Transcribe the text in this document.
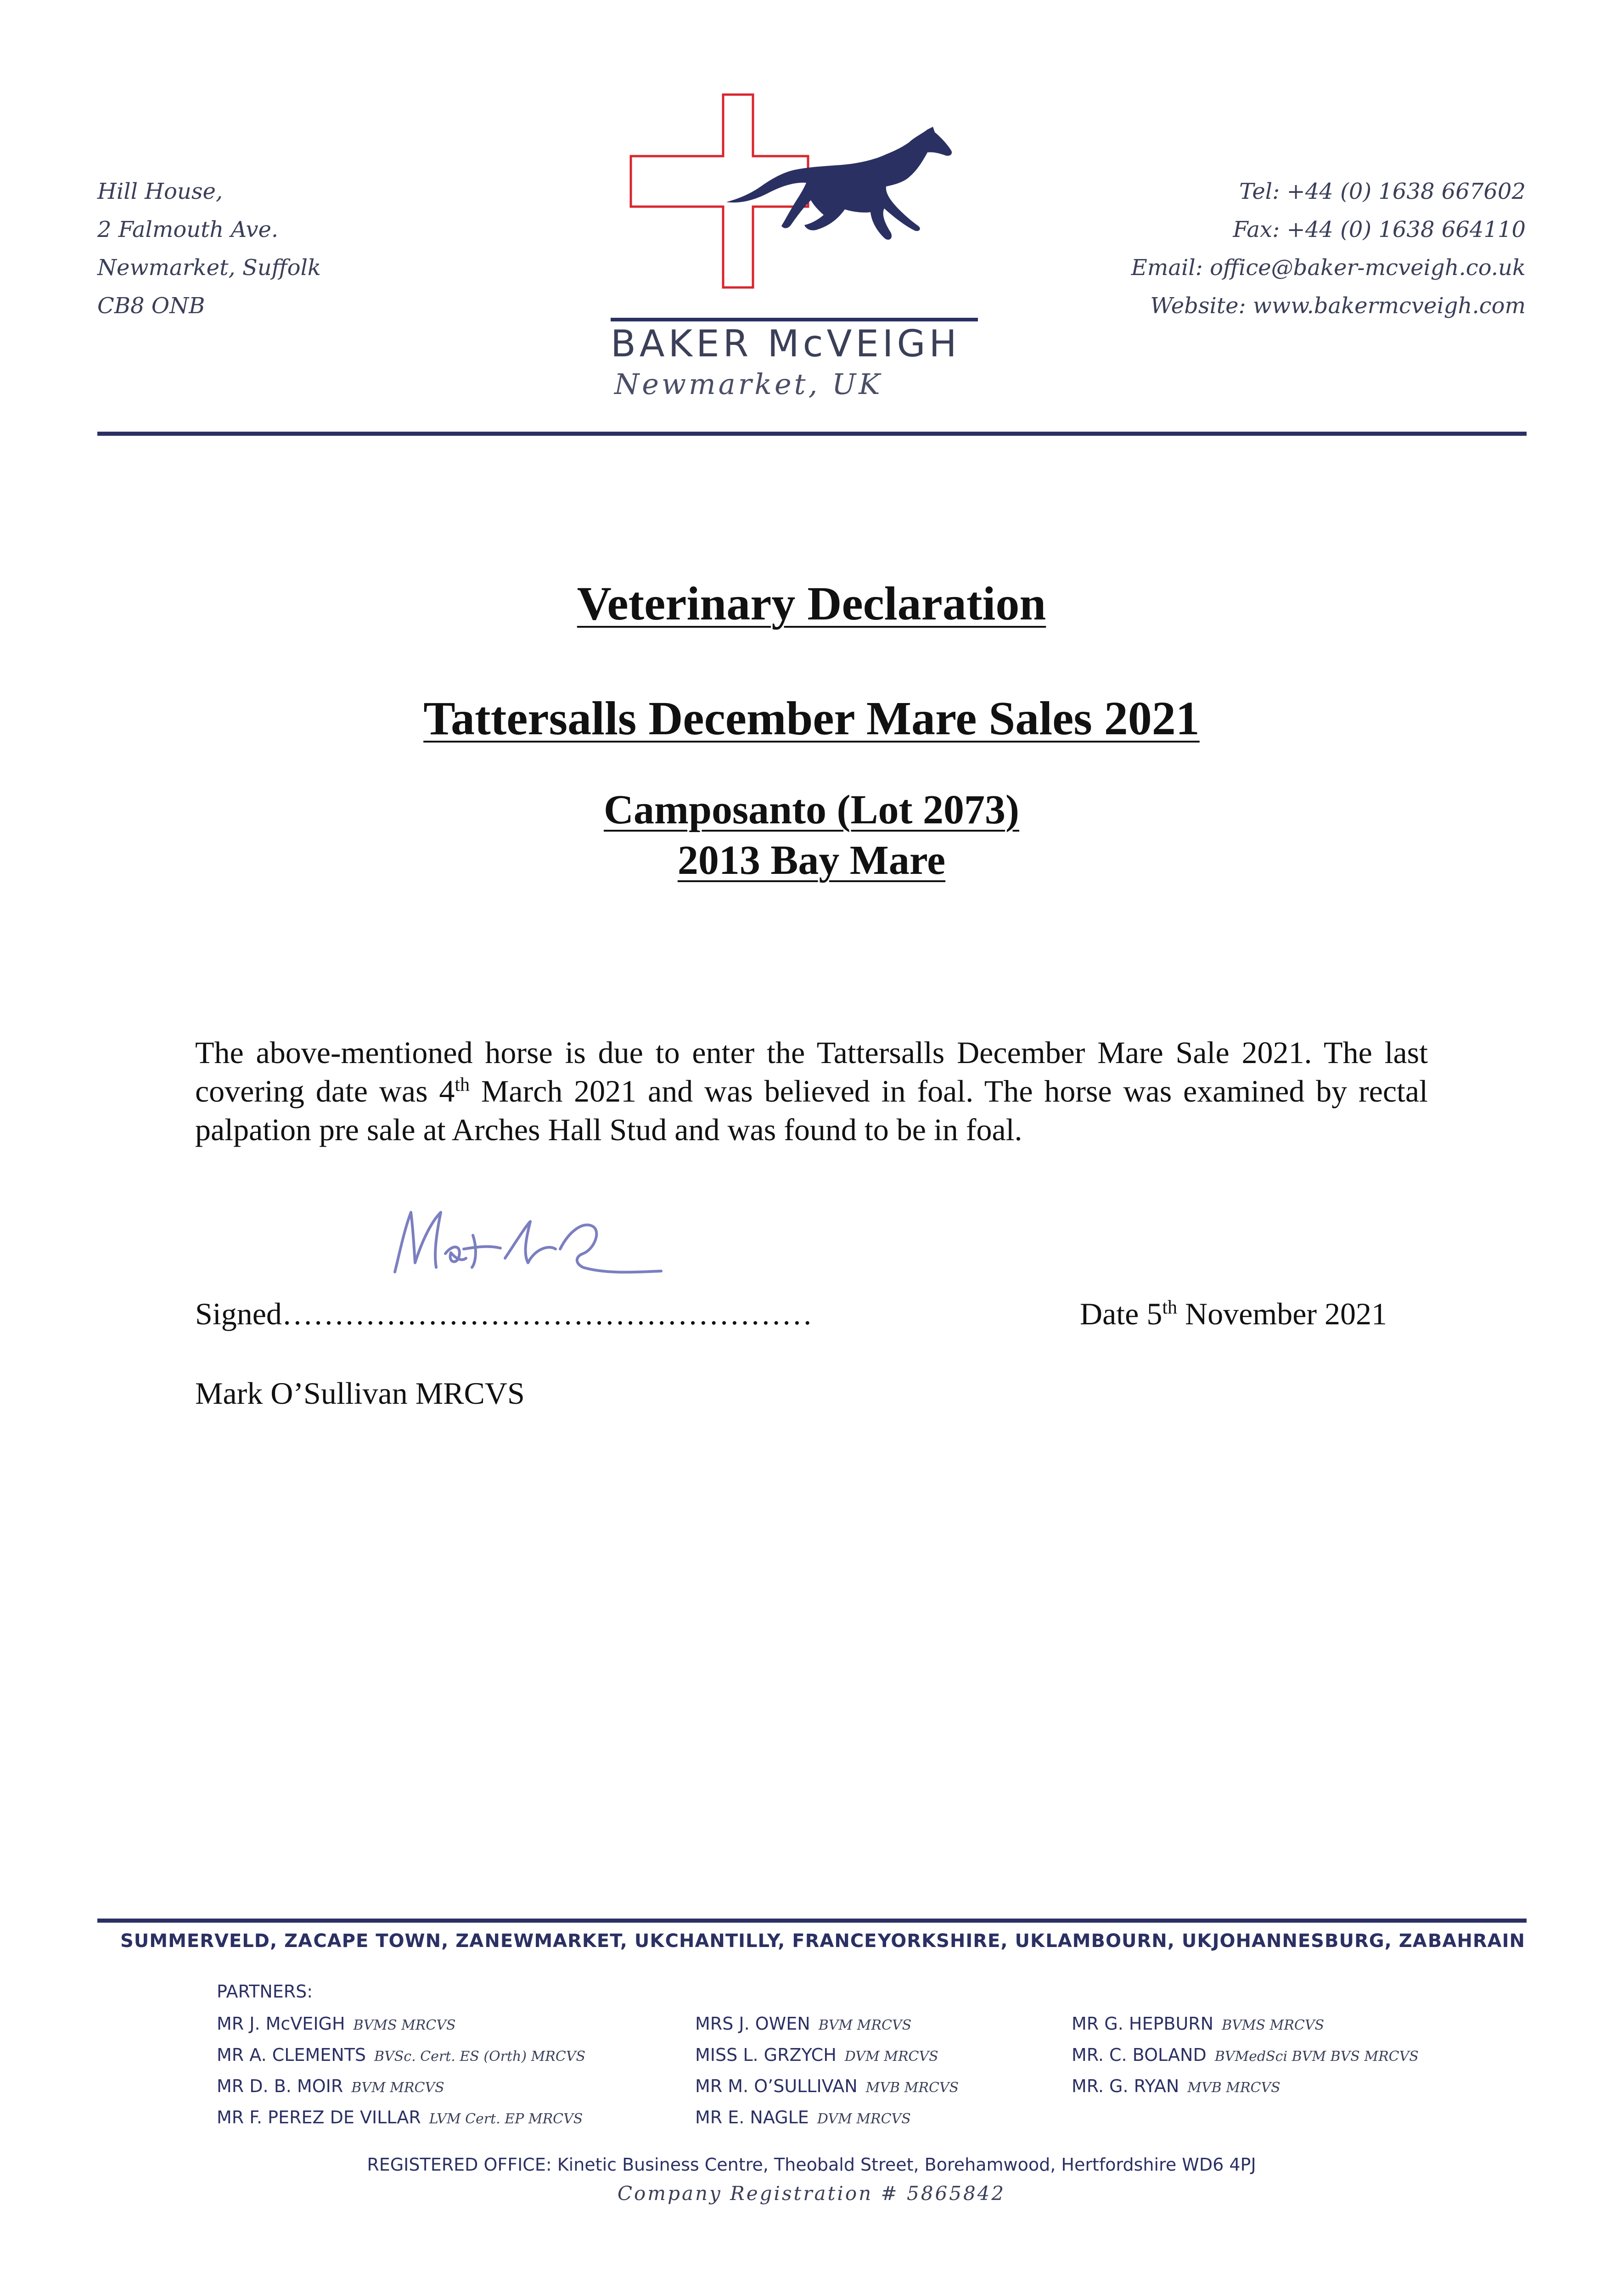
Hill House,
2 Falmouth Ave.
Newmarket, Suffolk
CB8 ONB
BAKER McVEIGH
Newmarket, UK
Tel: +44 (0) 1638 667602
Fax: +44 (0) 1638 664110
Email: office@baker-mcveigh.co.uk
Website: www.bakermcveigh.com
Veterinary Declaration
Tattersalls December Mare Sales 2021
Camposanto (Lot 2073)
2013 Bay Mare
The above-mentioned horse is due to enter the Tattersalls December Mare Sale 2021. The last covering date was 4th March 2021 and was believed in foal. The horse was examined by rectal palpation pre sale at Arches Hall Stud and was found to be in foal.
Signed……………………………………………	Date 5th November 2021
Mark O’Sullivan MRCVS
SUMMERVELD, ZA CAPE TOWN, ZA NEWMARKET, UK CHANTILLY, FRANCE YORKSHIRE, UK LAMBOURN, UK JOHANNESBURG, ZA BAHRAIN
PARTNERS:
MR J. McVEIGH BVMS MRCVS
MR A. CLEMENTS BVSc. Cert. ES (Orth) MRCVS
MR D. B. MOIR BVM MRCVS
MR F. PEREZ DE VILLAR LVM Cert. EP MRCVS
MRS J. OWEN BVM MRCVS
MISS L. GRZYCH DVM MRCVS
MR M. O’SULLIVAN MVB MRCVS
MR E. NAGLE DVM MRCVS
MR G. HEPBURN BVMS MRCVS
MR. C. BOLAND BVMedSci BVM BVS MRCVS
MR. G. RYAN MVB MRCVS
REGISTERED OFFICE: Kinetic Business Centre, Theobald Street, Borehamwood, Hertfordshire WD6 4PJ
Company Registration # 5865842
